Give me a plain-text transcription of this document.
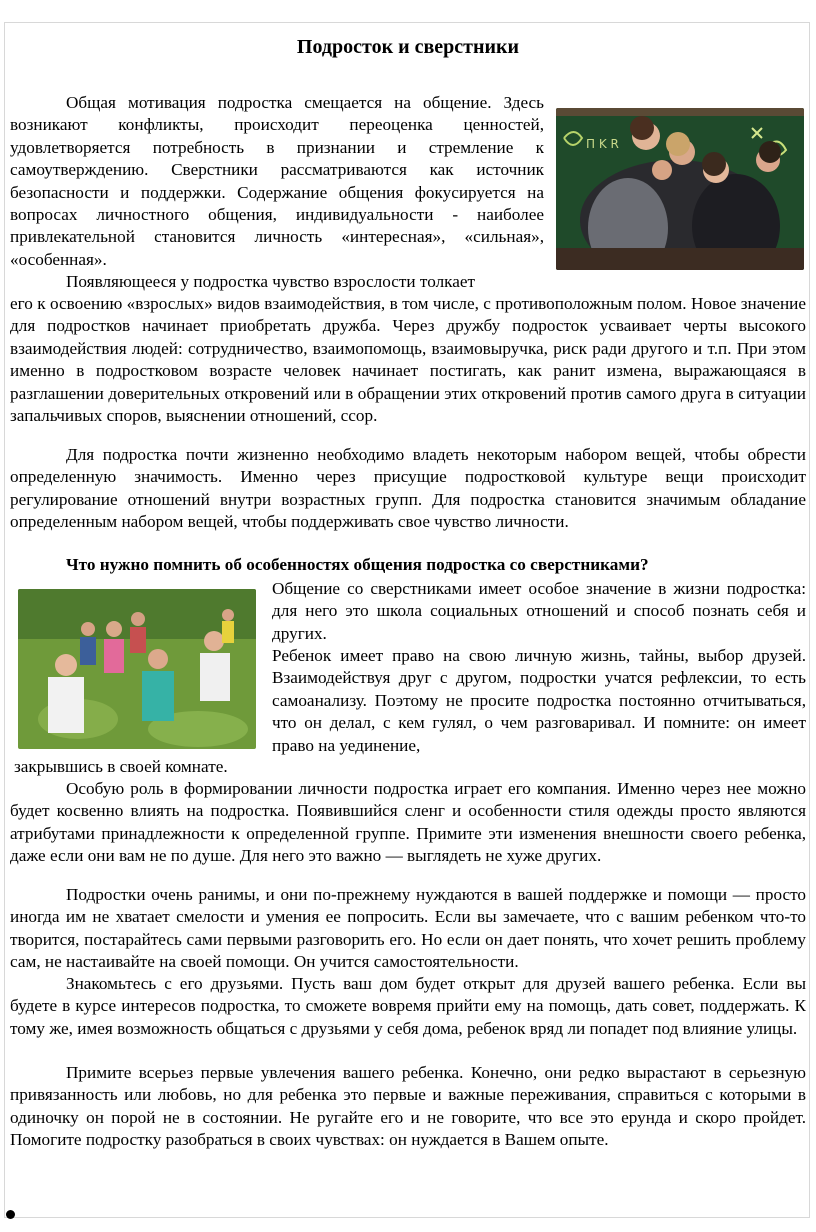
Подросток и сверстники

Общая мотивация подростка смещается на общение. Здесь возникают конфликты, происходит переоценка ценностей, удовлетворяется потребность в признании и стремление к самоутверждению. Сверстники рассматриваются как источник безопасности и поддержки. Содержание общения фокусируется на вопросах личностного общения, индивидуальности - наиболее привлекательной становится личность «интересная», «сильная», «особенная».

Π K R

Появляющееся у подростка чувство взрослости толкает

его к освоению «взрослых» видов взаимодействия, в том числе, с противоположным полом. Новое значение для подростков начинает приобретать дружба. Через дружбу подросток усваивает черты высокого взаимодействия людей: сотрудничество, взаимопомощь, взаимовыручка, риск ради другого и т.п. При этом именно в подростковом возрасте человек начинает постигать, как ранит измена, выражающаяся в разглашении доверительных откровений или в обращении этих откровений против самого друга в ситуации запальчивых споров, выяснении отношений, ссор.

Для подростка почти жизненно необходимо владеть некоторым набором вещей, чтобы обрести определенную значимость. Именно через присущие подростковой культуре вещи происходит регулирование отношений внутри возрастных групп. Для подростка становится значимым обладание определенным набором вещей, чтобы поддерживать свое чувство личности.

Что нужно помнить об особенностях общения подростка со сверстниками?

Общение со сверстниками имеет особое значение в жизни подростка: для него это школа социальных отношений и способ познать себя и других.

Ребенок имеет право на свою личную жизнь, тайны, выбор друзей. Взаимодействуя друг с другом, подростки учатся рефлексии, то есть самоанализу. Поэтому не просите подростка постоянно отчитываться, что он делал, с кем гулял, о чем разговаривал. И помните: он имеет право на уединение,

закрывшись в своей комнате.

Особую роль в формировании личности подростка играет его компания. Именно через нее можно будет косвенно влиять на подростка. Появившийся сленг и особенности стиля одежды просто являются атрибутами принадлежности к определенной группе. Примите эти изменения внешности своего ребенка, даже если они вам не по душе. Для него это важно — выглядеть не хуже других.

Подростки очень ранимы, и они по-прежнему нуждаются в вашей поддержке и помощи — просто иногда им не хватает смелости и умения ее попросить. Если вы замечаете, что с вашим ребенком что-то творится, постарайтесь сами первыми разговорить его. Но если он дает понять, что хочет решить проблему сам, не настаивайте на своей помощи. Он учится самостоятельности.

Знакомьтесь с его друзьями. Пусть ваш дом будет открыт для друзей вашего ребенка. Если вы будете в курсе интересов подростка, то сможете вовремя прийти ему на помощь, дать совет, поддержать. К тому же, имея возможность общаться с друзьями у себя дома, ребенок вряд ли попадет под влияние улицы.

Примите всерьез первые увлечения вашего ребенка. Конечно, они редко вырастают в серьезную привязанность или любовь, но для ребенка это первые и важные переживания, справиться с которыми в одиночку он порой не в состоянии. Не ругайте его и не говорите, что все это ерунда и скоро пройдет. Помогите подростку разобраться в своих чувствах: он нуждается в Вашем опыте.
